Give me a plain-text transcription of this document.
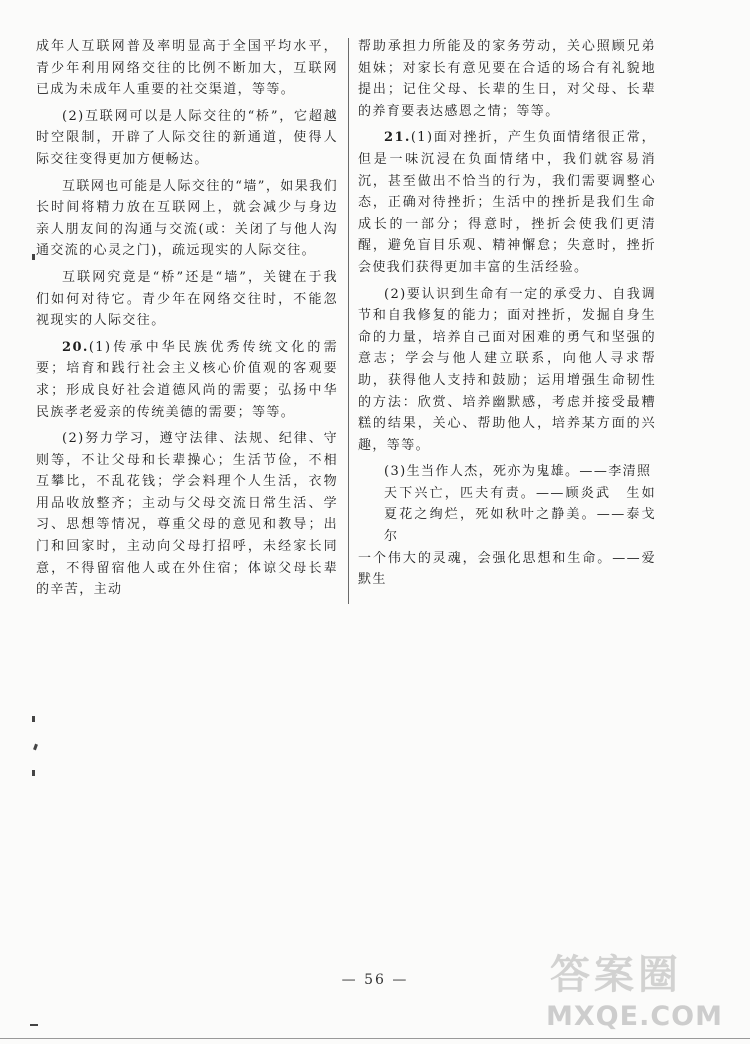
成年人互联网普及率明显高于全国平均水平，青少年利用网络交往的比例不断加大，互联网已成为未成年人重要的社交渠道，等等。

(2)互联网可以是人际交往的“桥”，它超越时空限制，开辟了人际交往的新通道，使得人际交往变得更加方便畅达。

互联网也可能是人际交往的“墙”，如果我们长时间将精力放在互联网上，就会减少与身边亲人朋友间的沟通与交流(或：关闭了与他人沟通交流的心灵之门)，疏远现实的人际交往。

互联网究竟是“桥”还是“墙”，关键在于我们如何对待它。青少年在网络交往时，不能忽视现实的人际交往。

20.(1)传承中华民族优秀传统文化的需要；培育和践行社会主义核心价值观的客观要求；形成良好社会道德风尚的需要；弘扬中华民族孝老爱亲的传统美德的需要；等等。

(2)努力学习，遵守法律、法规、纪律、守则等，不让父母和长辈操心；生活节俭，不相互攀比，不乱花钱；学会料理个人生活，衣物用品收放整齐；主动与父母交流日常生活、学习、思想等情况，尊重父母的意见和教导；出门和回家时，主动向父母打招呼，未经家长同意，不得留宿他人或在外住宿；体谅父母长辈的辛苦，主动

帮助承担力所能及的家务劳动，关心照顾兄弟姐妹；对家长有意见要在合适的场合有礼貌地提出；记住父母、长辈的生日，对父母、长辈的养育要表达感恩之情；等等。

21.(1)面对挫折，产生负面情绪很正常，但是一味沉浸在负面情绪中，我们就容易消沉，甚至做出不恰当的行为，我们需要调整心态，正确对待挫折；生活中的挫折是我们生命成长的一部分；得意时，挫折会使我们更清醒，避免盲目乐观、精神懈怠；失意时，挫折会使我们获得更加丰富的生活经验。

(2)要认识到生命有一定的承受力、自我调节和自我修复的能力；面对挫折，发掘自身生命的力量，培养自己面对困难的勇气和坚强的意志；学会与他人建立联系，向他人寻求帮助，获得他人支持和鼓励；运用增强生命韧性的方法：欣赏、培养幽默感，考虑并接受最糟糕的结果，关心、帮助他人，培养某方面的兴趣，等等。

(3)生当作人杰，死亦为鬼雄。——李清照

天下兴亡，匹夫有责。——顾炎武　生如夏花之绚烂，死如秋叶之静美。——泰戈尔

一个伟大的灵魂，会强化思想和生命。——爱默生

— 56 —	答案圈
MXQE.COM
